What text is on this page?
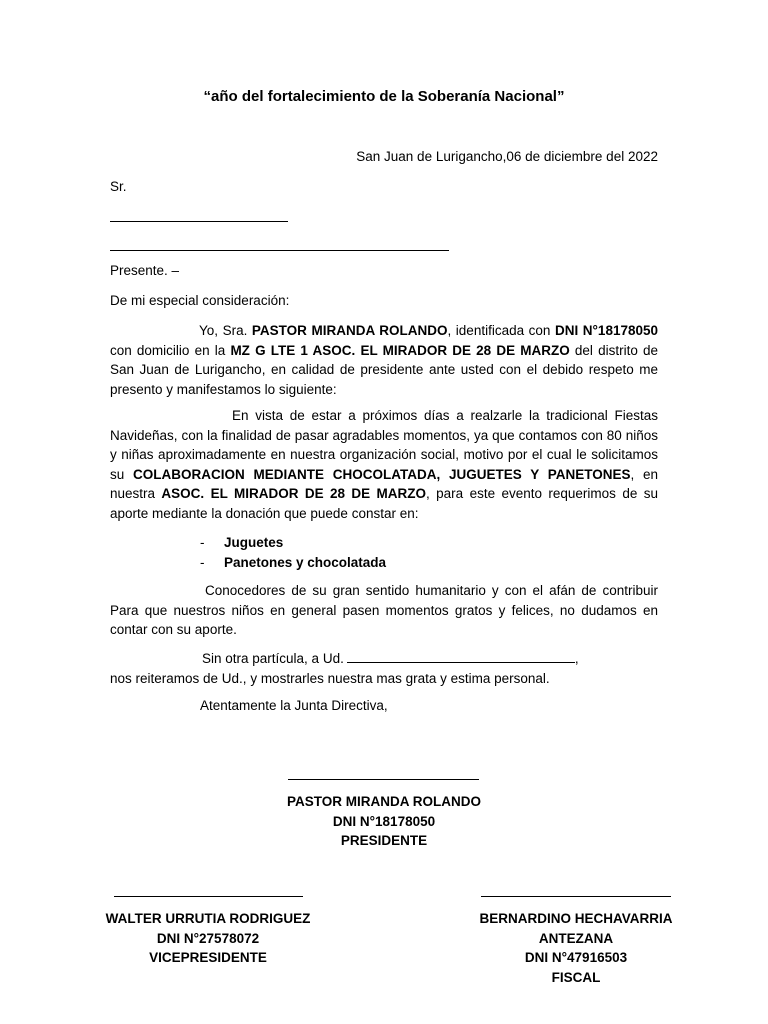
“año del fortalecimiento de la Soberanía Nacional”
San Juan de Lurigancho,06 de diciembre del 2022
Sr.
Presente. –
De mi especial consideración:
Yo, Sra. PASTOR MIRANDA ROLANDO, identificada con DNI N°18178050 con domicilio en la MZ G LTE 1 ASOC. EL MIRADOR DE 28 DE MARZO del distrito de San Juan de Lurigancho, en calidad de presidente ante usted con el debido respeto me presento y manifestamos lo siguiente:
En vista de estar a próximos días a realzarle la tradicional Fiestas Navideñas, con la finalidad de pasar agradables momentos, ya que contamos con 80 niños y niñas aproximadamente en nuestra organización social, motivo por el cual le solicitamos su COLABORACION MEDIANTE CHOCOLATADA, JUGUETES Y PANETONES, en nuestra ASOC. EL MIRADOR DE 28 DE MARZO, para este evento requerimos de su aporte mediante la donación que puede constar en:
- Juguetes
- Panetones y chocolatada
Conocedores de su gran sentido humanitario y con el afán de contribuir Para que nuestros niños en general pasen momentos gratos y felices, no dudamos en contar con su aporte.
Sin otra partícula, a Ud.	,
nos reiteramos de Ud., y mostrarles nuestra mas grata y estima personal.
Atentamente la Junta Directiva,
PASTOR MIRANDA ROLANDO
DNI N°18178050
PRESIDENTE
WALTER URRUTIA RODRIGUEZ
DNI N°27578072
VICEPRESIDENTE
BERNARDINO HECHAVARRIA
ANTEZANA
DNI N°47916503
FISCAL
